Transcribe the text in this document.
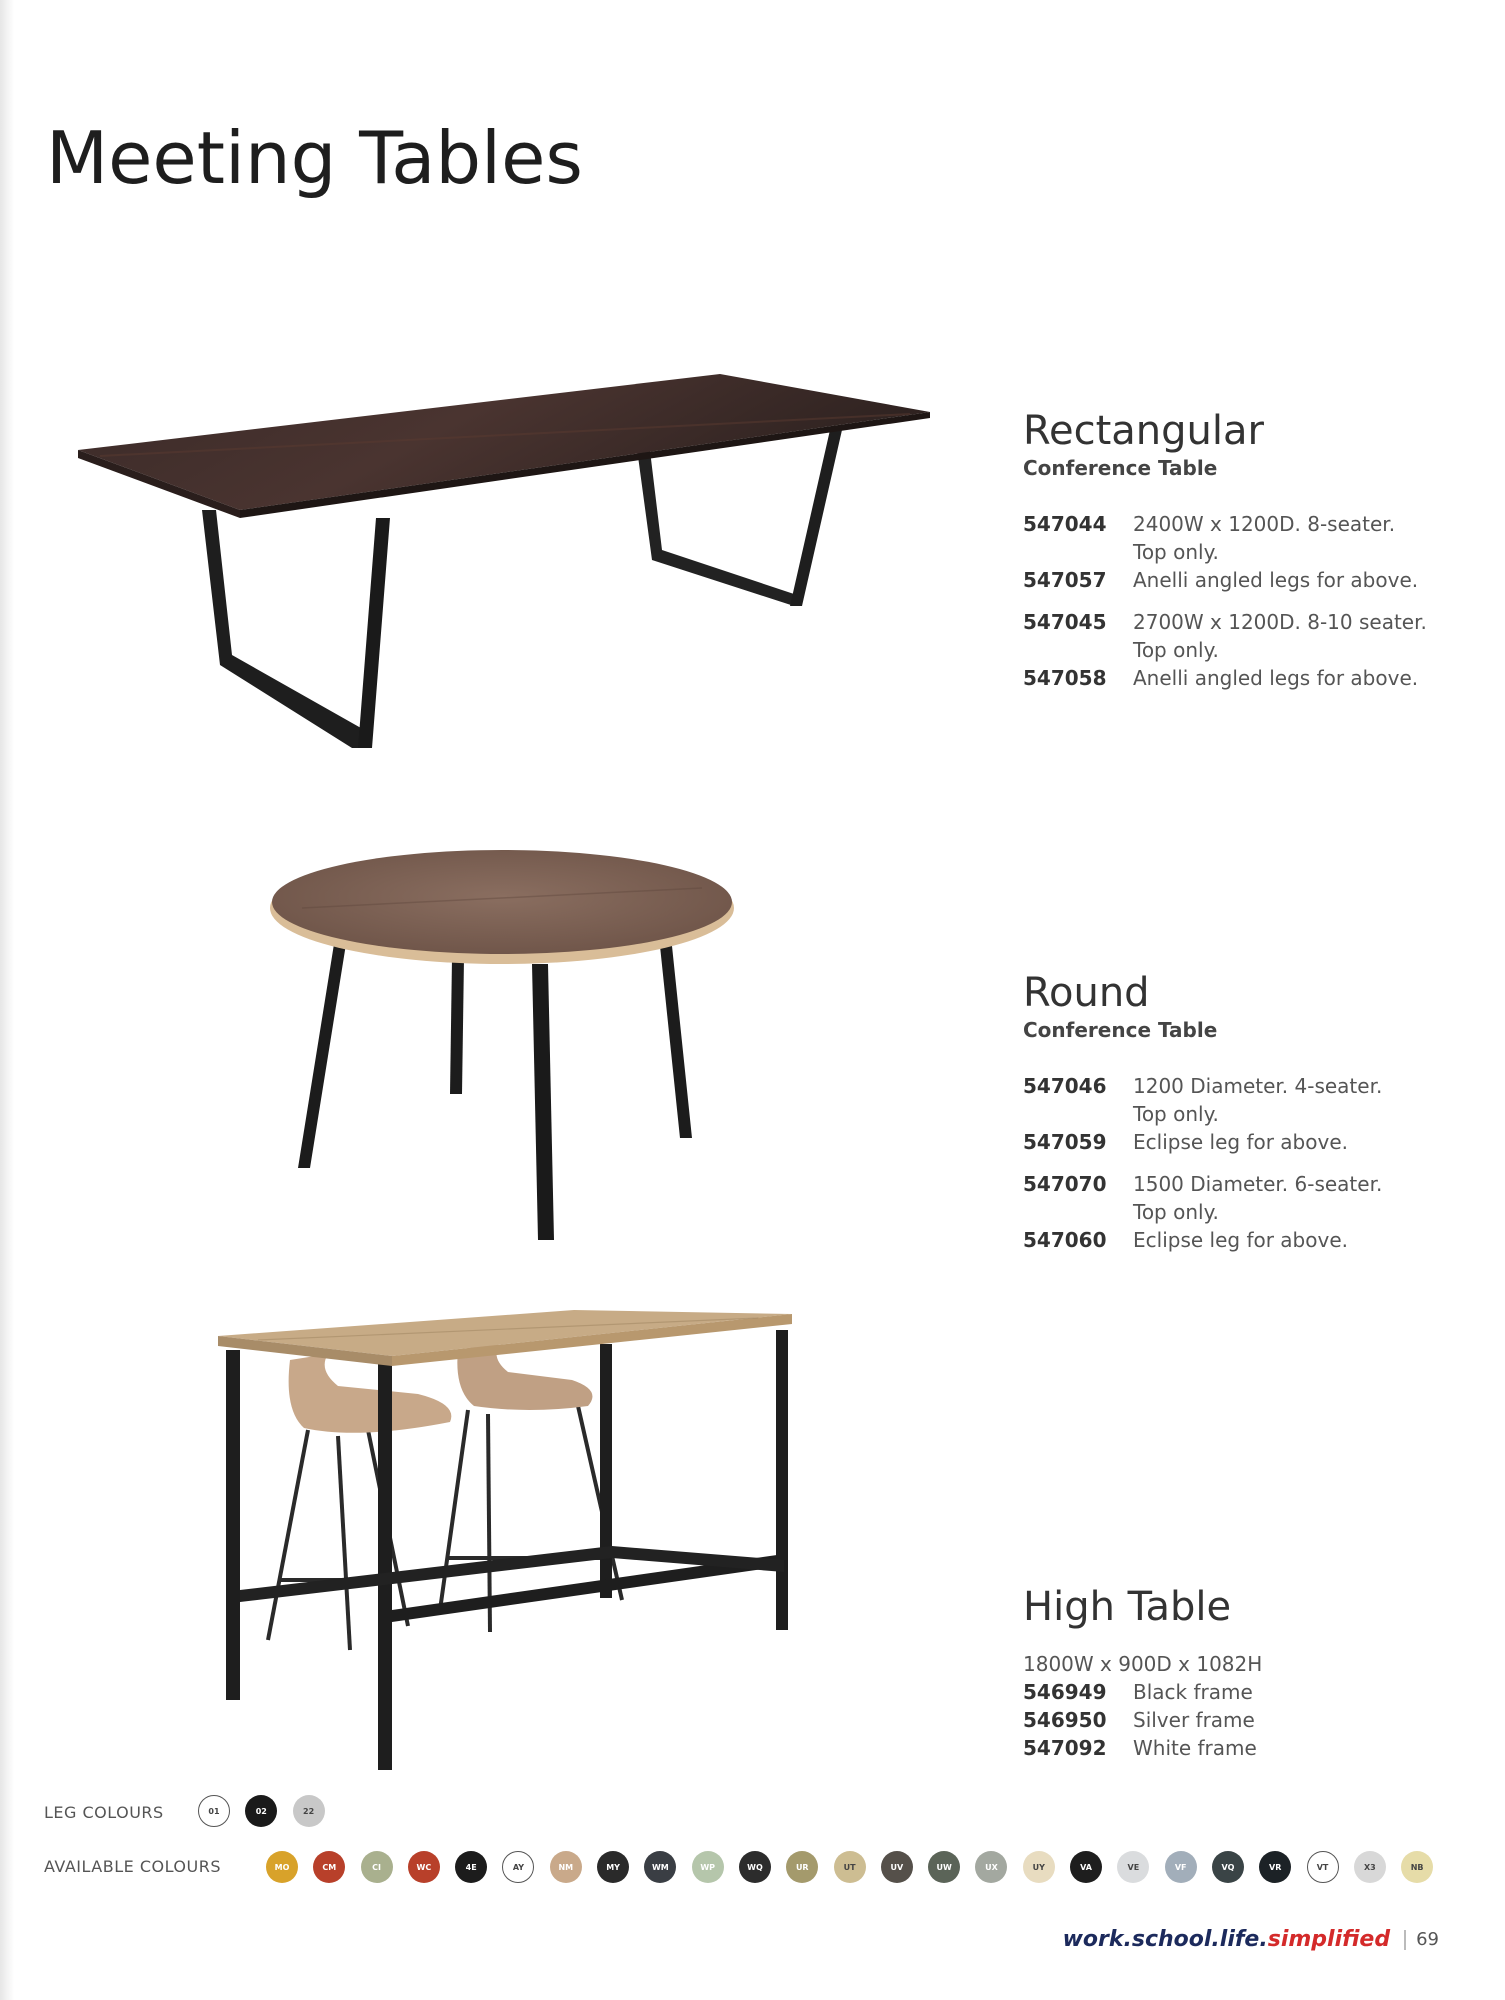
Meeting Tables
Rectangular
Conference Table
547044	2400W x 1200D. 8-seater.
Top only.
547057	Anelli angled legs for above.
547045	2700W x 1200D. 8-10 seater.
Top only.
547058	Anelli angled legs for above.
Round
Conference Table
547046	1200 Diameter. 4-seater.
Top only.
547059	Eclipse leg for above.
547070	1500 Diameter. 6-seater.
Top only.
547060	Eclipse leg for above.
High Table
1800W x 900D x 1082H
546949	Black frame
546950	Silver frame
547092	White frame
LEG COLOURS	01	02	22
AVAILABLE COLOURS	MO	CM	CI	WC	4E	AY	NM	MY	WM	WP	WQ	UR	UT	UV	UW	UX	UY	VA	VE	VF	VQ	VR	VT	X3	NB
work.school.life. simplified 69
